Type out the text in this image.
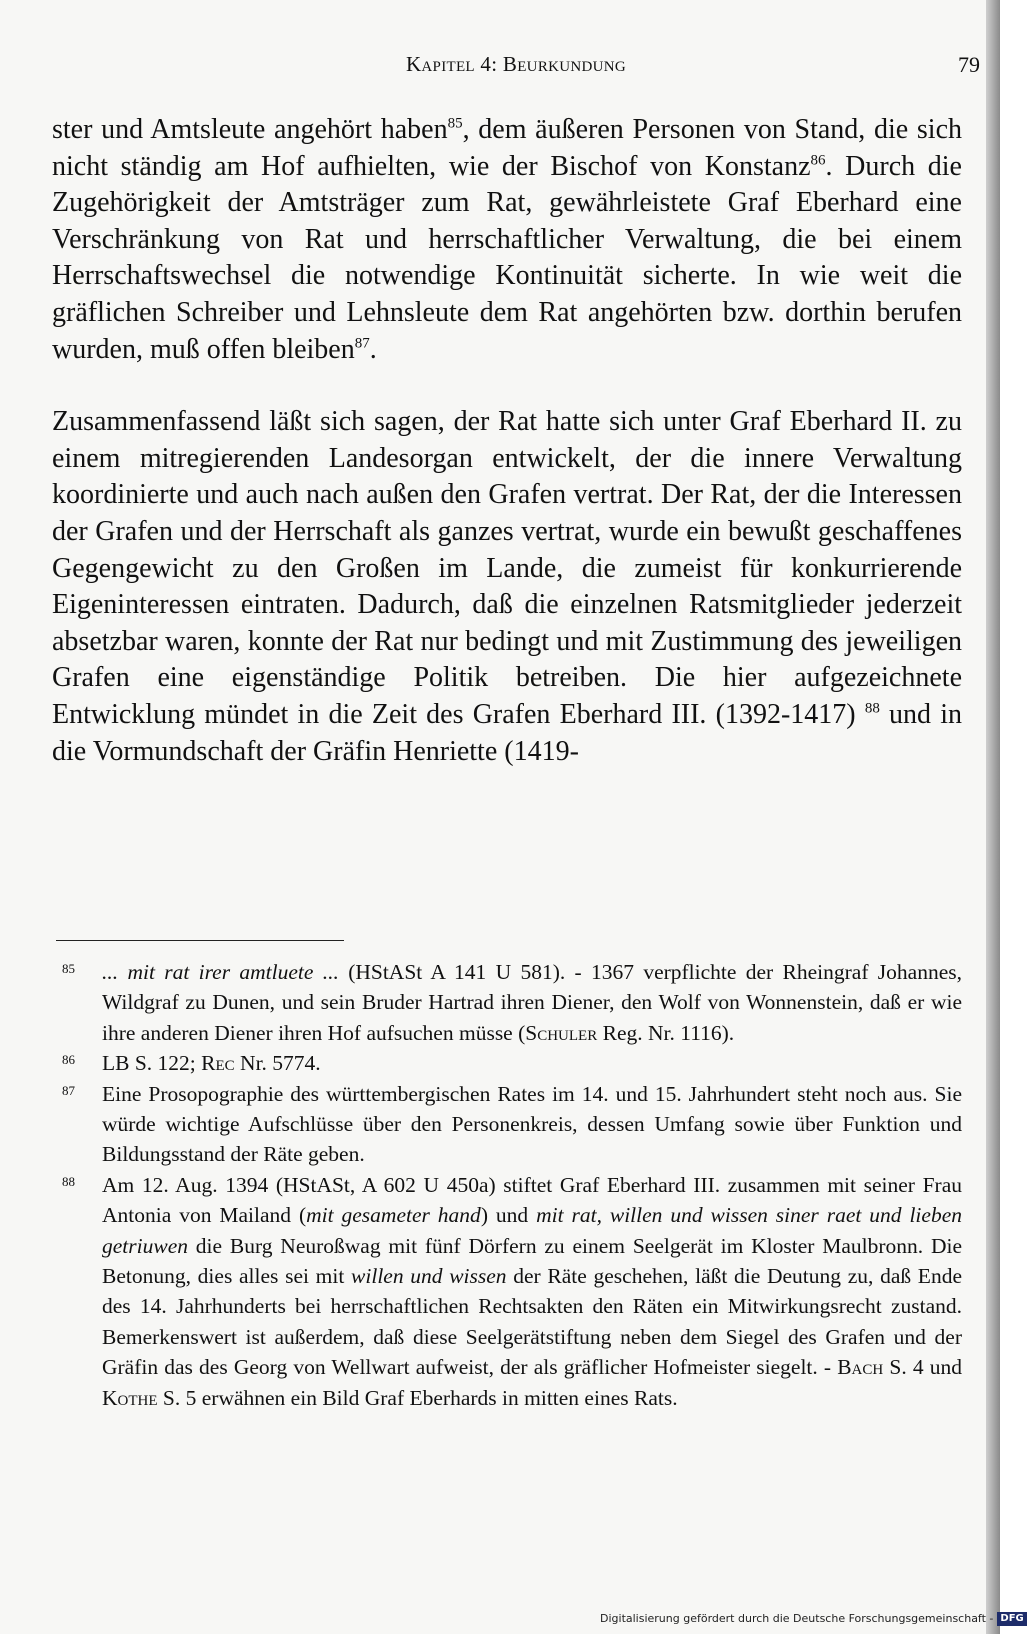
Kapitel 4: Beurkundung	79

ster und Amtsleute angehört haben$^{85}$, dem äußeren Personen von Stand, die sich nicht ständig am Hof aufhielten, wie der Bischof von Konstanz$^{86}$. Durch die Zugehörigkeit der Amtsträger zum Rat, gewährleistete Graf Eberhard eine Verschränkung von Rat und herrschaftlicher Verwaltung, die bei einem Herrschaftswechsel die notwendige Kontinuität sicherte. In wie weit die gräflichen Schreiber und Lehnsleute dem Rat angehörten bzw. dorthin berufen wurden, muß offen bleiben$^{87}$.

Zusammenfassend läßt sich sagen, der Rat hatte sich unter Graf Eberhard II. zu einem mitregierenden Landesorgan entwickelt, der die innere Verwaltung koordinierte und auch nach außen den Grafen vertrat. Der Rat, der die Interessen der Grafen und der Herrschaft als ganzes vertrat, wurde ein bewußt geschaffenes Gegengewicht zu den Großen im Lande, die zumeist für konkurrierende Eigeninteressen eintraten. Dadurch, daß die einzelnen Ratsmitglieder jederzeit absetzbar waren, konnte der Rat nur bedingt und mit Zustimmung des jeweiligen Grafen eine eigenständige Politik betreiben. Die hier aufgezeichnete Entwicklung mündet in die Zeit des Grafen Eberhard III. (1392-1417) $^{88}$ und in die Vormundschaft der Gräfin Henriette (1419-

85 ... mit rat irer amtluete ... (HStASt A 141 U 581). - 1367 verpflichte der Rheingraf Johannes, Wildgraf zu Dunen, und sein Bruder Hartrad ihren Diener, den Wolf von Wonnenstein, daß er wie ihre anderen Diener ihren Hof aufsuchen müsse (Schuler Reg. Nr. 1116).
86 LB S. 122; Rec Nr. 5774.
87 Eine Prosopographie des württembergischen Rates im 14. und 15. Jahrhundert steht noch aus. Sie würde wichtige Aufschlüsse über den Personenkreis, dessen Umfang sowie über Funktion und Bildungsstand der Räte geben.
88 Am 12. Aug. 1394 (HStASt, A 602 U 450a) stiftet Graf Eberhard III. zusammen mit seiner Frau Antonia von Mailand (mit gesameter hand) und mit rat, willen und wissen siner raet und lieben getriuwen die Burg Neuroßwag mit fünf Dörfern zu einem Seelgerät im Kloster Maulbronn. Die Betonung, dies alles sei mit willen und wissen der Räte geschehen, läßt die Deutung zu, daß Ende des 14. Jahrhunderts bei herrschaftlichen Rechtsakten den Räten ein Mitwirkungsrecht zustand. Bemerkenswert ist außerdem, daß diese Seelgerätstiftung neben dem Siegel des Grafen und der Gräfin das des Georg von Wellwart aufweist, der als gräflicher Hofmeister siegelt. - Bach S. 4 und Kothe S. 5 erwähnen ein Bild Graf Eberhards in mitten eines Rats.
Digitalisierung gefördert durch die Deutsche Forschungsgemeinschaft - DFG
